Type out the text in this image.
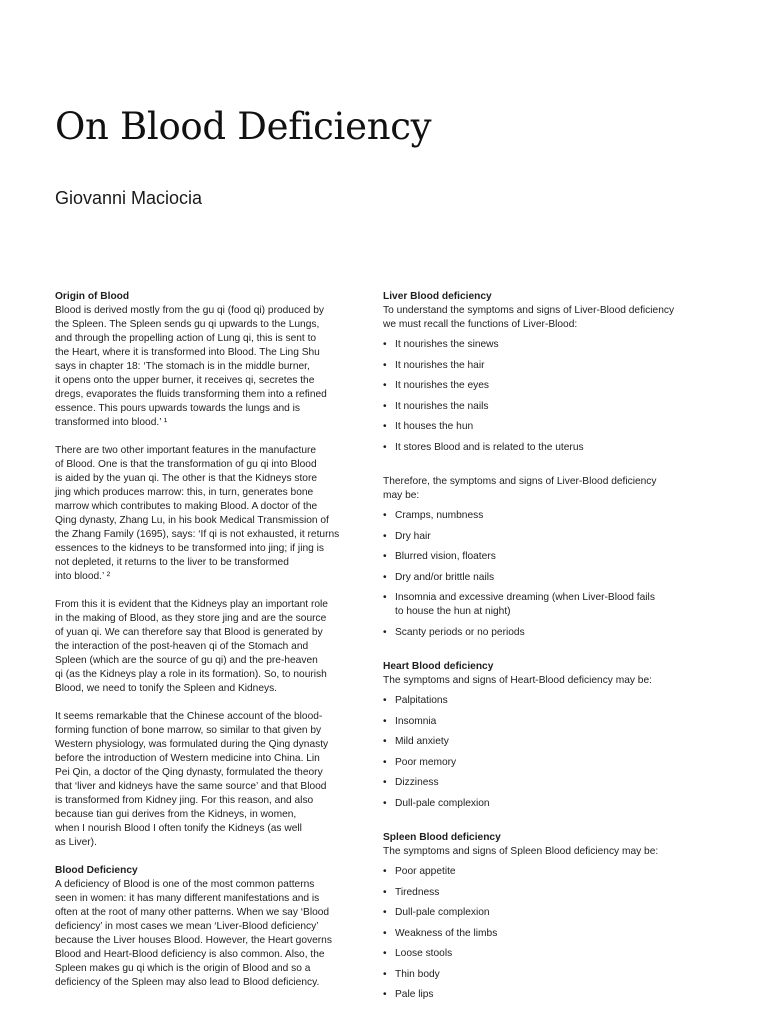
On Blood Deficiency
Giovanni Maciocia
Origin of Blood
Blood is derived mostly from the gu qi (food qi) produced by
the Spleen. The Spleen sends gu qi upwards to the Lungs,
and through the propelling action of Lung qi, this is sent to
the Heart, where it is transformed into Blood. The Ling Shu
says in chapter 18: ‘The stomach is in the middle burner,
it opens onto the upper burner, it receives qi, secretes the
dregs, evaporates the fluids transforming them into a refined
essence. This pours upwards towards the lungs and is
transformed into blood.’ ¹
There are two other important features in the manufacture
of Blood. One is that the transformation of gu qi into Blood
is aided by the yuan qi. The other is that the Kidneys store
jing which produces marrow: this, in turn, generates bone
marrow which contributes to making Blood. A doctor of the
Qing dynasty, Zhang Lu, in his book Medical Transmission of
the Zhang Family (1695), says: ‘If qi is not exhausted, it returns
essences to the kidneys to be transformed into jing; if jing is
not depleted, it returns to the liver to be transformed
into blood.’ ²
From this it is evident that the Kidneys play an important role
in the making of Blood, as they store jing and are the source
of yuan qi. We can therefore say that Blood is generated by
the interaction of the post-heaven qi of the Stomach and
Spleen (which are the source of gu qi) and the pre-heaven
qi (as the Kidneys play a role in its formation). So, to nourish
Blood, we need to tonify the Spleen and Kidneys.
It seems remarkable that the Chinese account of the blood-
forming function of bone marrow, so similar to that given by
Western physiology, was formulated during the Qing dynasty
before the introduction of Western medicine into China. Lin
Pei Qin, a doctor of the Qing dynasty, formulated the theory
that ‘liver and kidneys have the same source’ and that Blood
is transformed from Kidney jing. For this reason, and also
because tian gui derives from the Kidneys, in women,
when I nourish Blood I often tonify the Kidneys (as well
as Liver).
Blood Deficiency
A deficiency of Blood is one of the most common patterns
seen in women: it has many different manifestations and is
often at the root of many other patterns. When we say ‘Blood
deficiency’ in most cases we mean ‘Liver-Blood deficiency’
because the Liver houses Blood. However, the Heart governs
Blood and Heart-Blood deficiency is also common. Also, the
Spleen makes gu qi which is the origin of Blood and so a
deficiency of the Spleen may also lead to Blood deficiency.
Liver Blood deficiency
To understand the symptoms and signs of Liver-Blood deficiency
we must recall the functions of Liver-Blood:
• It nourishes the sinews
• It nourishes the hair
• It nourishes the eyes
• It nourishes the nails
• It houses the hun
• It stores Blood and is related to the uterus
Therefore, the symptoms and signs of Liver-Blood deficiency
may be:
• Cramps, numbness
• Dry hair
• Blurred vision, floaters
• Dry and/or brittle nails
• Insomnia and excessive dreaming (when Liver-Blood fails
to house the hun at night)
• Scanty periods or no periods
Heart Blood deficiency
The symptoms and signs of Heart-Blood deficiency may be:
• Palpitations
• Insomnia
• Mild anxiety
• Poor memory
• Dizziness
• Dull-pale complexion
Spleen Blood deficiency
The symptoms and signs of Spleen Blood deficiency may be:
• Poor appetite
• Tiredness
• Dull-pale complexion
• Weakness of the limbs
• Loose stools
• Thin body
• Pale lips
